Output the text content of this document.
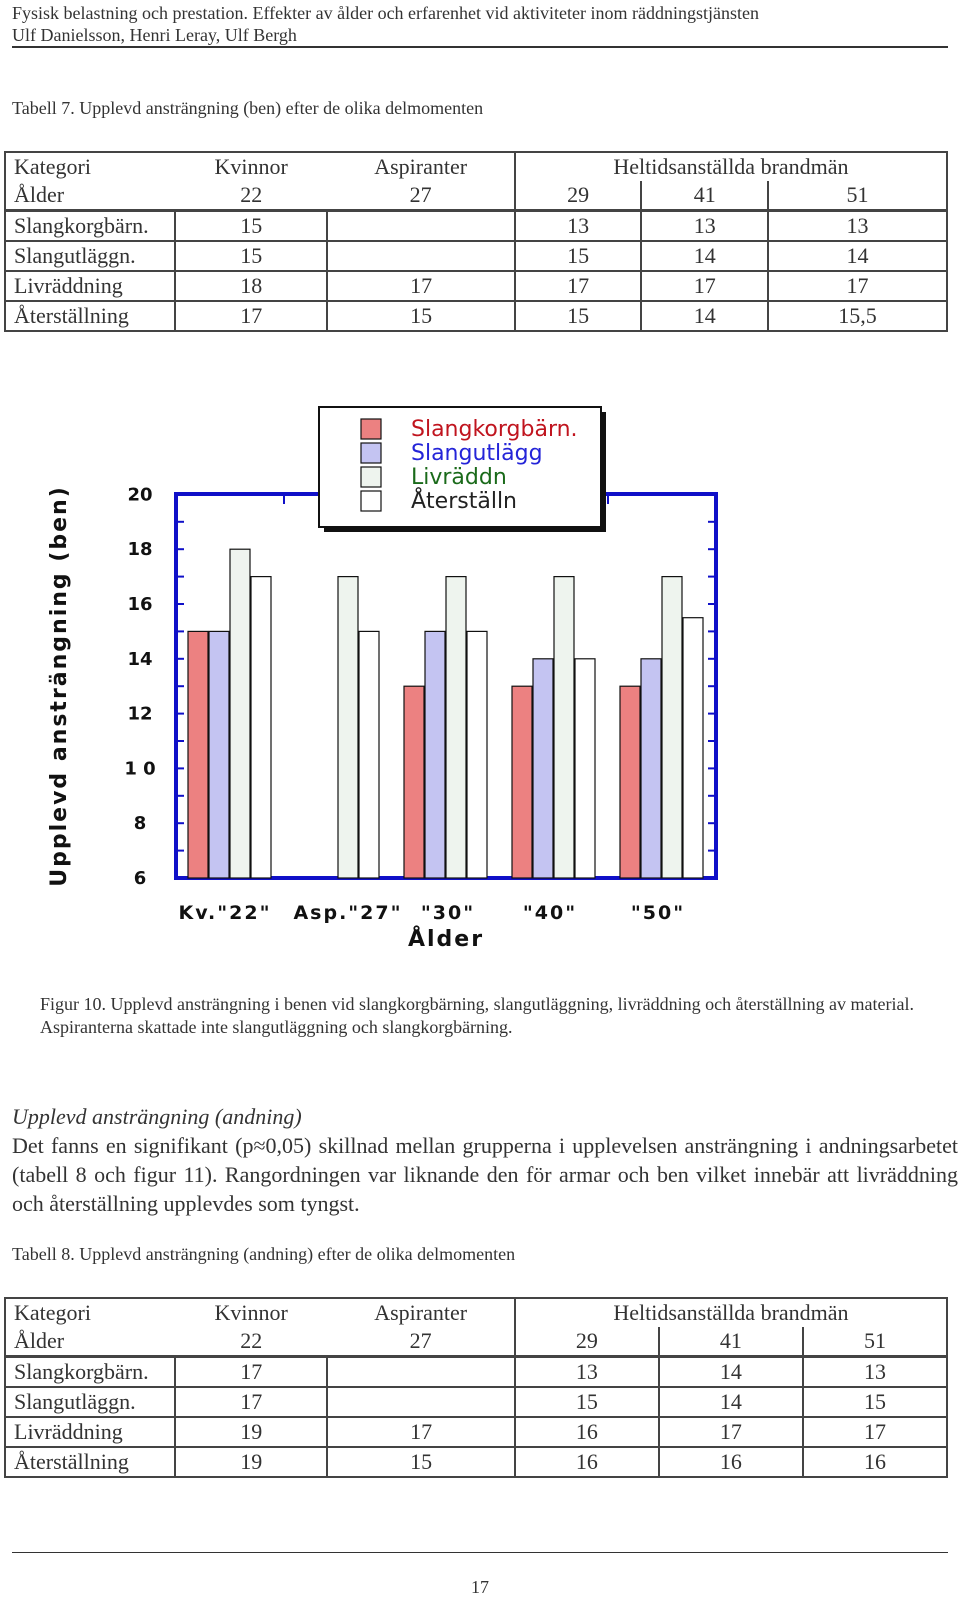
Fysisk belastning och prestation. Effekter av ålder och erfarenhet vid aktiviteter inom räddningstjänsten
Ulf Danielsson, Henri Leray, Ulf Bergh
Tabell 7. Upplevd ansträngning (ben) efter de olika delmomenten
Kategori	Kvinnor	Aspiranter	Heltidsanställda brandmän		
Ålder	22	27	29	41	51
Slangkorgbärn.	15		13	13	13
Slangutläggn.	15		15	14	14
Livräddning	18	17	17	17	17
Återställning	17	15	15	14	15,5
6
8
1 0
12
14
16
18
20
Upplevd ansträngning (ben)
Kv."22" Asp."27" "30"	"40"	"50"
Ålder
Slangkorgbärn.
Slangutlägg
Livräddn
Återställn
Figur 10. Upplevd ansträngning i benen vid slangkorgbärning, slangutläggning, livräddning och återställning av material. Aspiranterna skattade inte slangutläggning och slangkorgbärning.
Upplevd ansträngning (andning)
Det fanns en signifikant (p≈0,05) skillnad mellan grupperna i upplevelsen ansträngning i andningsarbetet (tabell 8 och figur 11). Rangordningen var liknande den för armar och ben vilket innebär att livräddning och återställning upplevdes som tyngst.
Tabell 8. Upplevd ansträngning (andning) efter de olika delmomenten
Kategori	Kvinnor	Aspiranter	Heltidsanställda brandmän		
Ålder	22	27	29	41	51
Slangkorgbärn.	17		13	14	13
Slangutläggn.	17		15	14	15
Livräddning	19	17	16	17	17
Återställning	19	15	16	16	16
17
